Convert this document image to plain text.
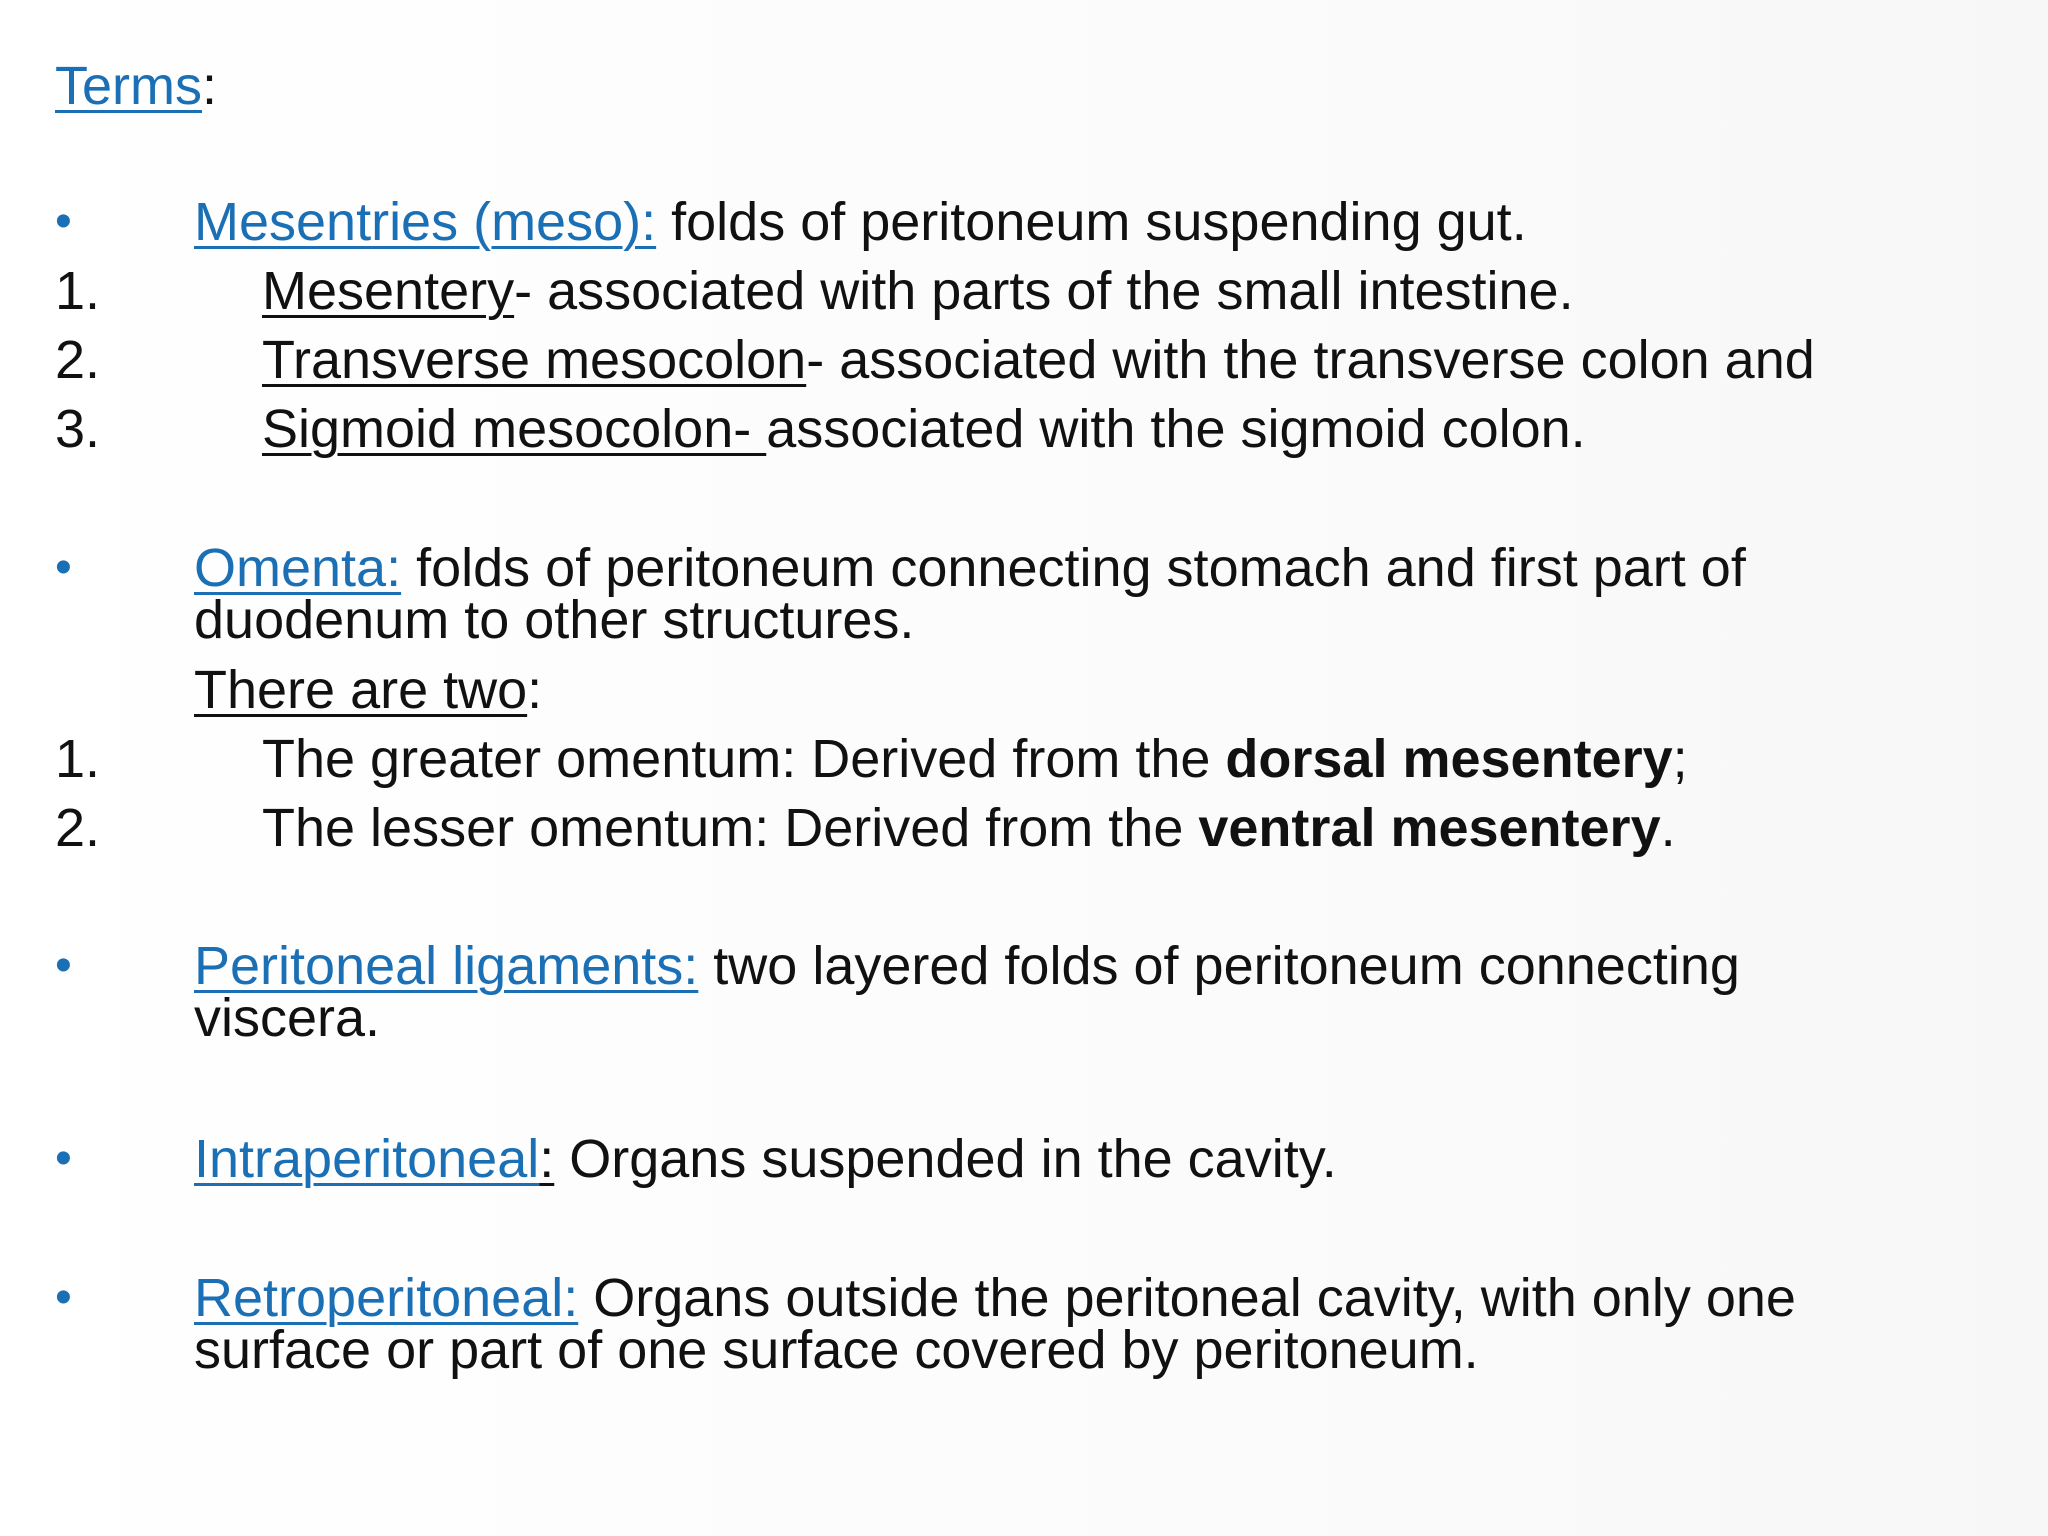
Terms:
• Mesentries (meso): folds of peritoneum suspending gut.
1.	Mesentery- associated with parts of the small intestine.
2.	Transverse mesocolon- associated with the transverse colon and
3.	Sigmoid mesocolon- associated with the sigmoid colon.
• Omenta: folds of peritoneum connecting stomach and first part of
duodenum to other structures.
There are two:
1.	The greater omentum: Derived from the dorsal mesentery;
2.	The lesser omentum: Derived from the ventral mesentery.
• Peritoneal ligaments: two layered folds of peritoneum connecting
viscera.
• Intraperitoneal: Organs suspended in the cavity.
• Retroperitoneal: Organs outside the peritoneal cavity, with only one
surface or part of one surface covered by peritoneum.
